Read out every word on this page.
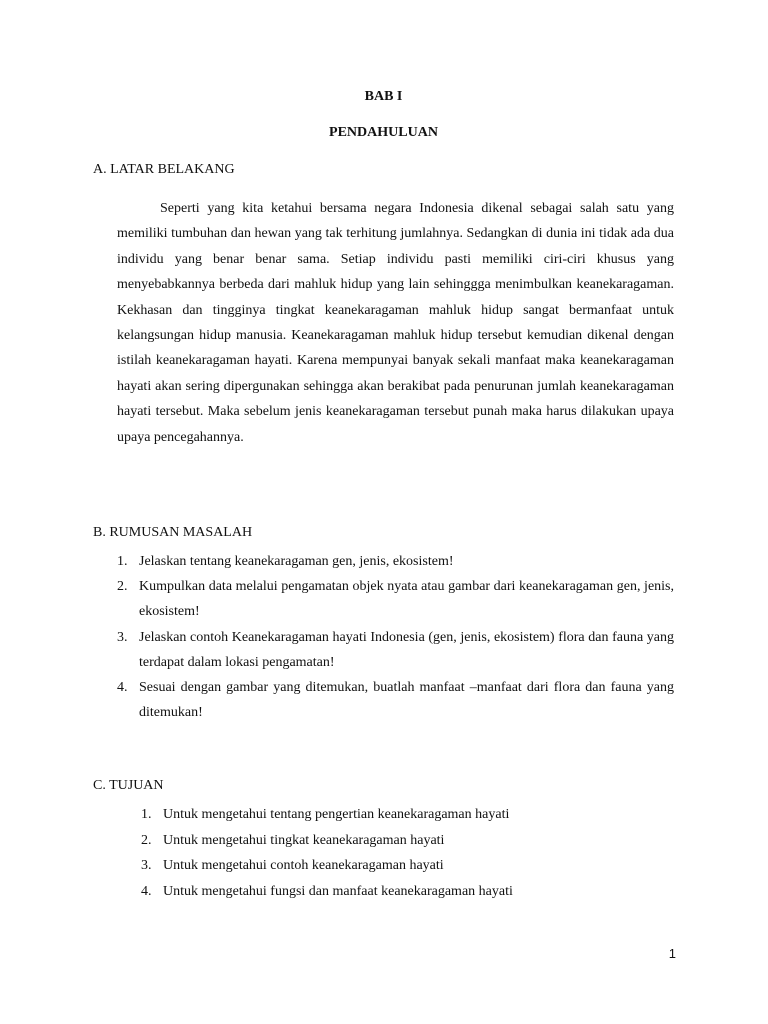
BAB I
PENDAHULUAN
A. LATAR BELAKANG

Seperti yang kita ketahui bersama negara Indonesia dikenal sebagai salah satu yang memiliki tumbuhan dan hewan yang tak terhitung jumlahnya. Sedangkan di dunia ini tidak ada dua individu yang benar benar sama. Setiap individu pasti memiliki ciri-ciri khusus yang menyebabkannya berbeda dari mahluk hidup yang lain sehinggga menimbulkan keanekaragaman. Kekhasan dan tingginya tingkat keanekaragaman mahluk hidup sangat bermanfaat untuk kelangsungan hidup manusia. Keanekaragaman mahluk hidup tersebut kemudian dikenal dengan istilah keanekaragaman hayati. Karena mempunyai banyak sekali manfaat maka keanekaragaman hayati akan sering dipergunakan sehingga akan berakibat pada penurunan jumlah keanekaragaman hayati tersebut. Maka sebelum jenis keanekaragaman tersebut punah maka harus dilakukan upaya upaya pencegahannya.

B. RUMUSAN MASALAH
1. Jelaskan tentang keanekaragaman gen, jenis, ekosistem!
2. Kumpulkan data melalui pengamatan objek nyata atau gambar dari keanekaragaman gen, jenis, ekosistem!
3. Jelaskan contoh Keanekaragaman hayati Indonesia (gen, jenis, ekosistem) flora dan fauna yang terdapat dalam lokasi pengamatan!
4. Sesuai dengan gambar yang ditemukan, buatlah manfaat –manfaat dari flora dan fauna yang ditemukan!
C. TUJUAN
1. Untuk mengetahui tentang pengertian keanekaragaman hayati
2. Untuk mengetahui tingkat keanekaragaman hayati
3. Untuk mengetahui contoh keanekaragaman hayati
4. Untuk mengetahui fungsi dan manfaat keanekaragaman hayati
1
